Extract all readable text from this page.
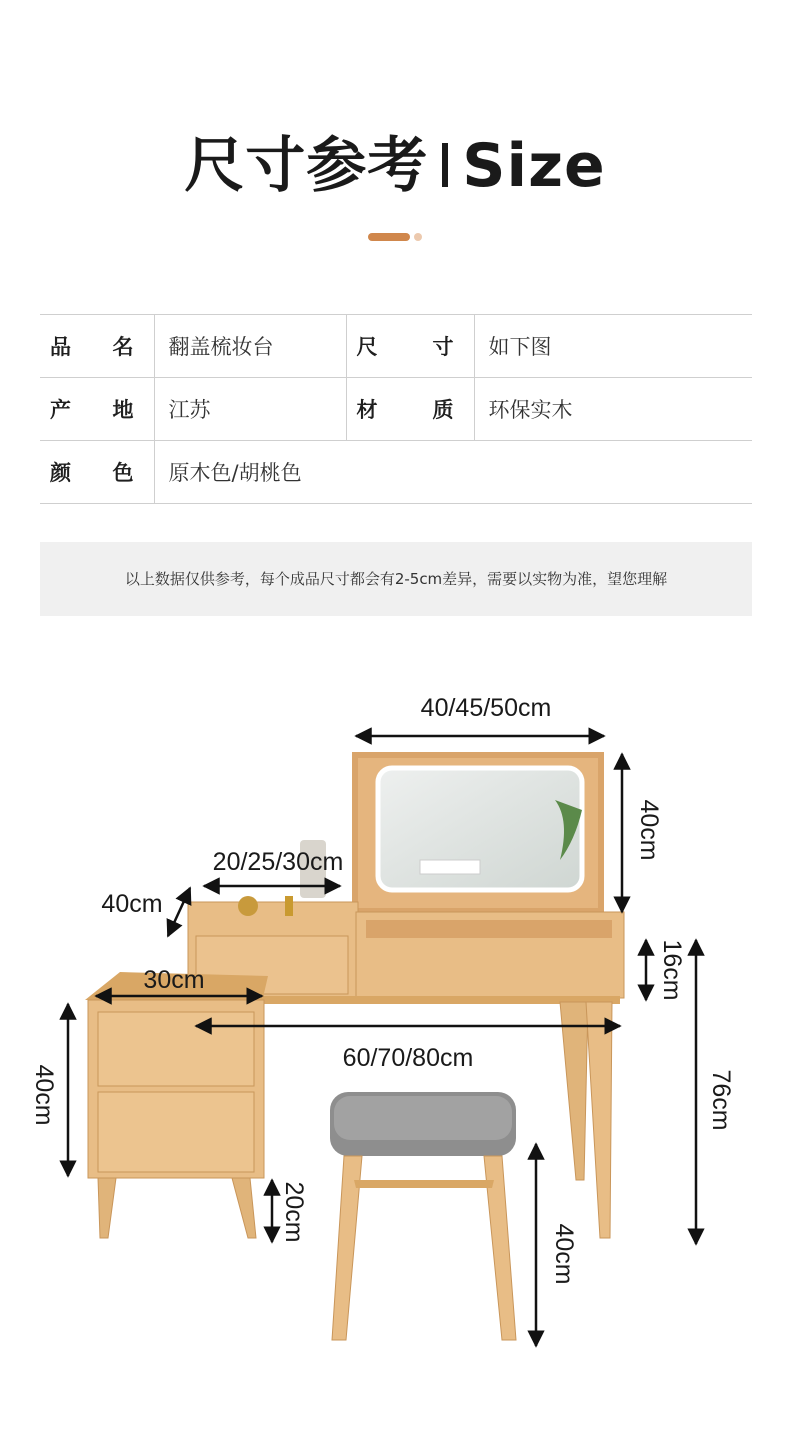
尺寸参考 Size
品 名	翻盖梳妆台	尺 寸	如下图

产 地	江苏	材 质	环保实木

颜 色	原木色/胡桃色		
以上数据仅供参考，每个成品尺寸都会有2-5cm差异，需要以实物为准，望您理解
40/45/50cm
40cm
20/25/30cm
40cm
30cm	16cm
60/70/80cm
76cm
40cm
20cm
40cm
